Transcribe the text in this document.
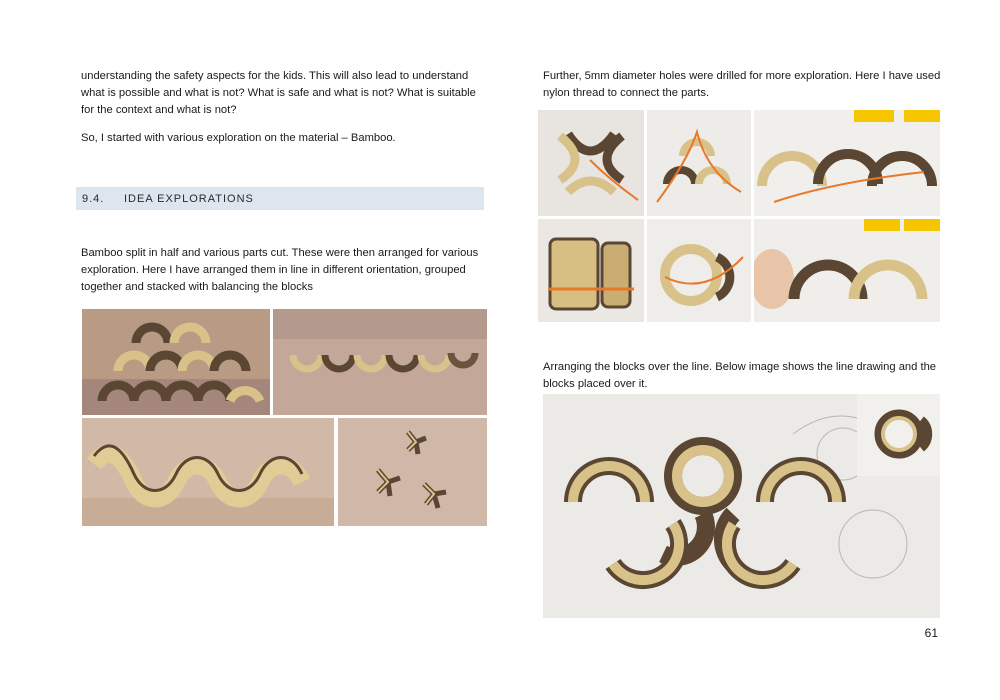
understanding the safety aspects for the kids. This will also lead to understand what is possible and what is not? What is safe and what is not? What is suitable for the context and what is not?

So, I started with various exploration on the material – Bamboo.

9.4.	IDEA EXPLORATIONS

Bamboo split in half and various parts cut. These were then arranged for various exploration. Here I have arranged them in line in different orientation, grouped together and stacked with balancing the blocks

Further, 5mm diameter holes were drilled for more exploration. Here I have used nylon thread to connect the parts.

Arranging the blocks over the line. Below image shows the line drawing and the blocks placed over it.

61
